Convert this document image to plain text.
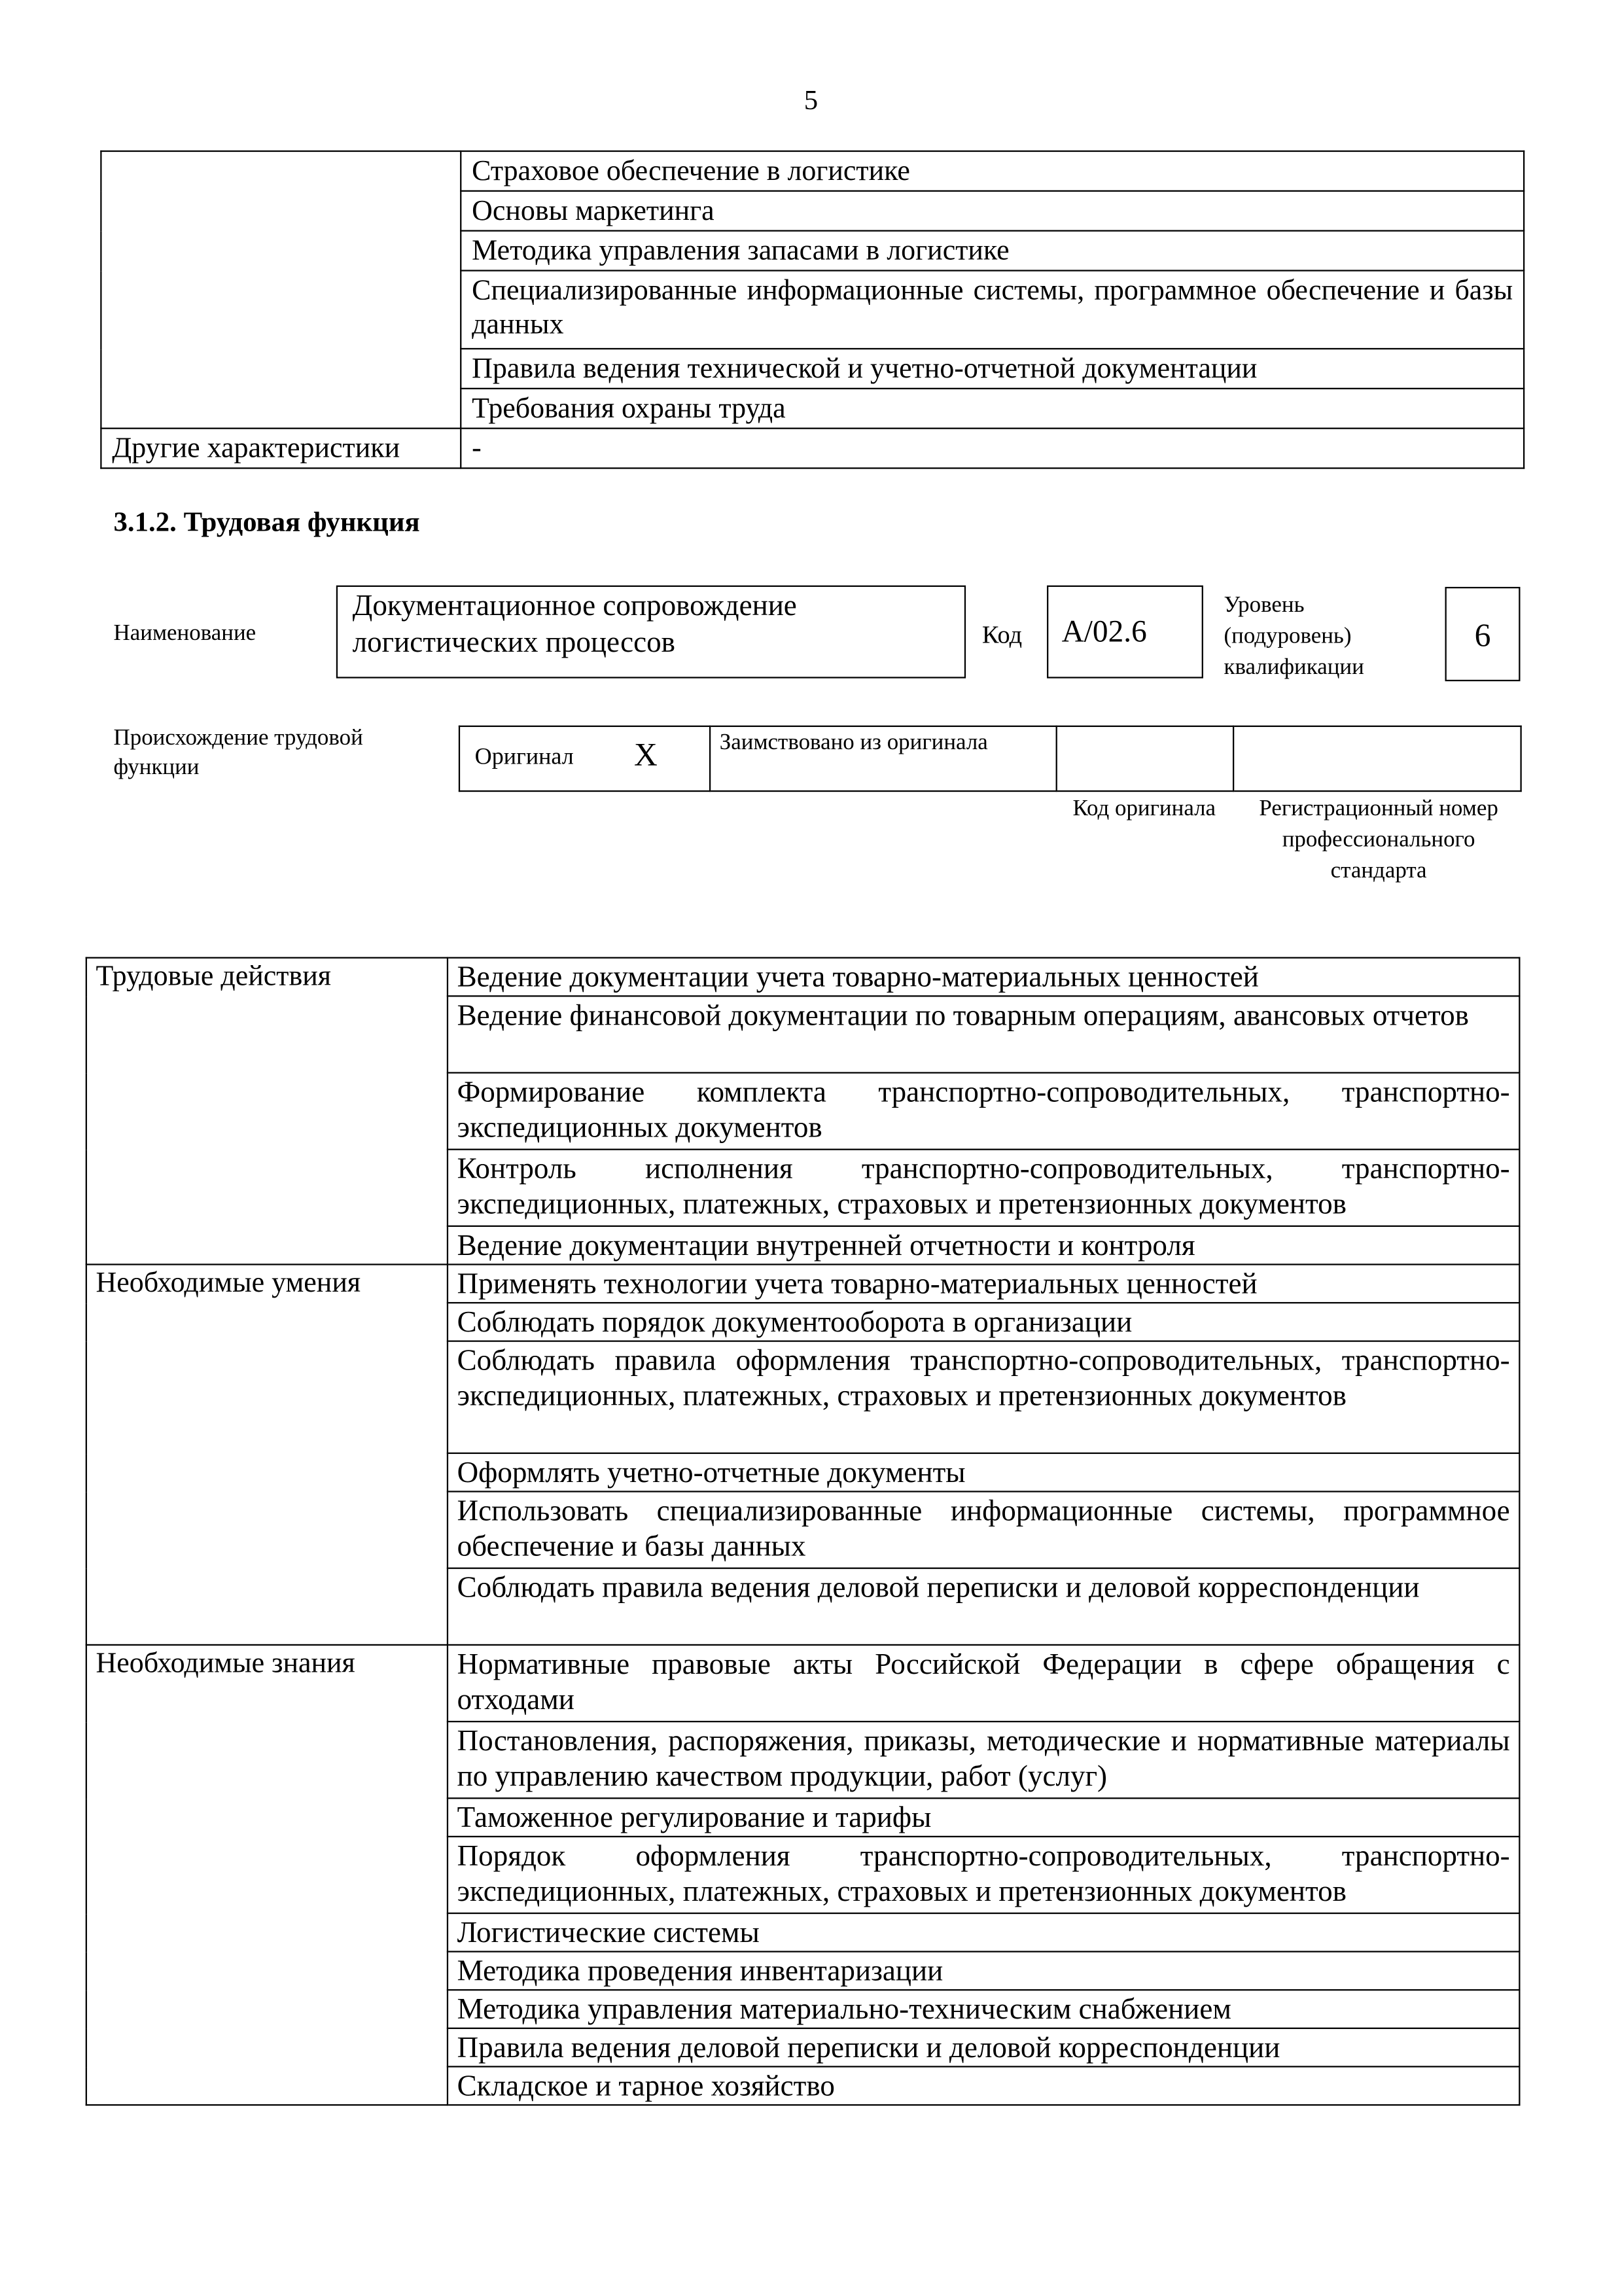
5
	Страховое обеспечение в логистике
	Основы маркетинга
	Методика управления запасами в логистике
	Специализированные информационные системы, программное обеспечение и базы данных
	Правила ведения технической и учетно-отчетной документации
	Требования охраны труда
Другие характеристики	-
3.1.2. Трудовая функция
Наименование
Документационное сопровождение логистических процессов	Код	A/02.6
Уровень (подуровень) квалификации
6
Происхождение трудовой функции	Оригинал	X	Заимствовано из оригинала

Код оригинала	Регистрационный номер профессионального стандарта
Трудовые действия	Ведение документации учета товарно-материальных ценностей
	Ведение финансовой документации по товарным операциям, авансовых отчетов
	Формирование комплекта транспортно-сопроводительных, транспортно-экспедиционных документов
	Контроль исполнения транспортно-сопроводительных, транспортно-экспедиционных, платежных, страховых и претензионных документов
	Ведение документации внутренней отчетности и контроля
Необходимые умения	Применять технологии учета товарно-материальных ценностей
	Соблюдать порядок документооборота в организации
	Соблюдать правила оформления транспортно-сопроводительных, транспортно-экспедиционных, платежных, страховых и претензионных документов
	Оформлять учетно-отчетные документы
	Использовать специализированные информационные системы, программное обеспечение и базы данных
	Соблюдать правила ведения деловой переписки и деловой корреспонденции
Необходимые знания	Нормативные правовые акты Российской Федерации в сфере обращения с отходами
	Постановления, распоряжения, приказы, методические и нормативные материалы по управлению качеством продукции, работ (услуг)
	Таможенное регулирование и тарифы
	Порядок оформления транспортно-сопроводительных, транспортно-экспедиционных, платежных, страховых и претензионных документов
	Логистические системы
	Методика проведения инвентаризации
	Методика управления материально-техническим снабжением
	Правила ведения деловой переписки и деловой корреспонденции
	Складское и тарное хозяйство
